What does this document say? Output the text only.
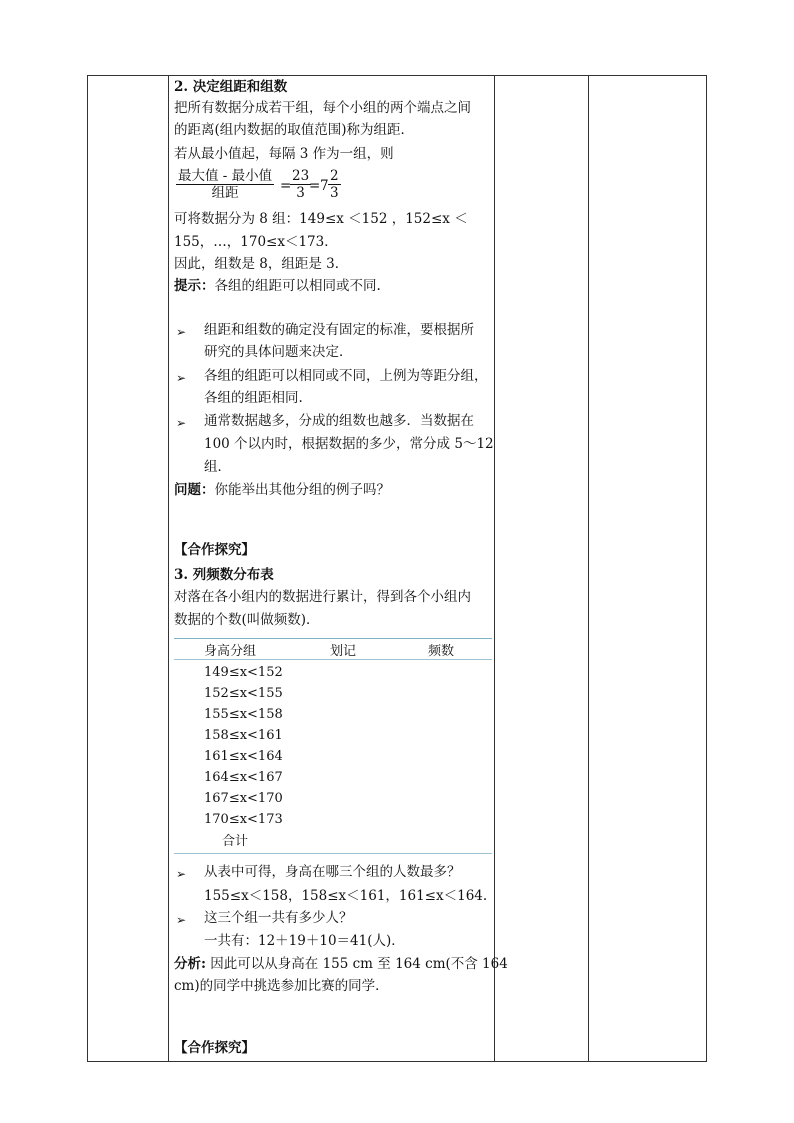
2. 决定组距和组数
把所有数据分成若干组，每个小组的两个端点之间
的距离(组内数据的取值范围)称为组距．
若从最小值起，每隔 3 作为一组，则
最大值 - 最小值
组距	=
$\frac{23}{3}$
= $7 \frac{2}{3}$
可将数据分为 8 组：149≤x ＜152 ，152≤x ＜
155，…，170≤x＜173．
因此，组数是 8，组距是 3．
提示：各组的组距可以相同或不同.
➢ 组距和组数的确定没有固定的标准，要根据所
研究的具体问题来决定．
➢ 各组的组距可以相同或不同，上例为等距分组，
各组的组距相同.
➢ 通常数据越多，分成的组数也越多．当数据在
100 个以内时，根据数据的多少，常分成 5～12
组．
问题：你能举出其他分组的例子吗？
【合作探究】
3. 列频数分布表
对落在各小组内的数据进行累计，得到各个小组内
数据的个数(叫做频数)．
身高分组	划记	频数
149≤x<152
152≤x<155
155≤x<158
158≤x<161
161≤x<164
164≤x<167
167≤x<170
170≤x<173
合计
➢ 从表中可得，身高在哪三个组的人数最多？
155≤x＜158，158≤x＜161，161≤x＜164.
➢ 这三个组一共有多少人？
一共有：12＋19＋10＝41(人)．
分析: 因此可以从身高在 155 cm 至 164 cm(不含 164
cm)的同学中挑选参加比赛的同学．
【合作探究】
